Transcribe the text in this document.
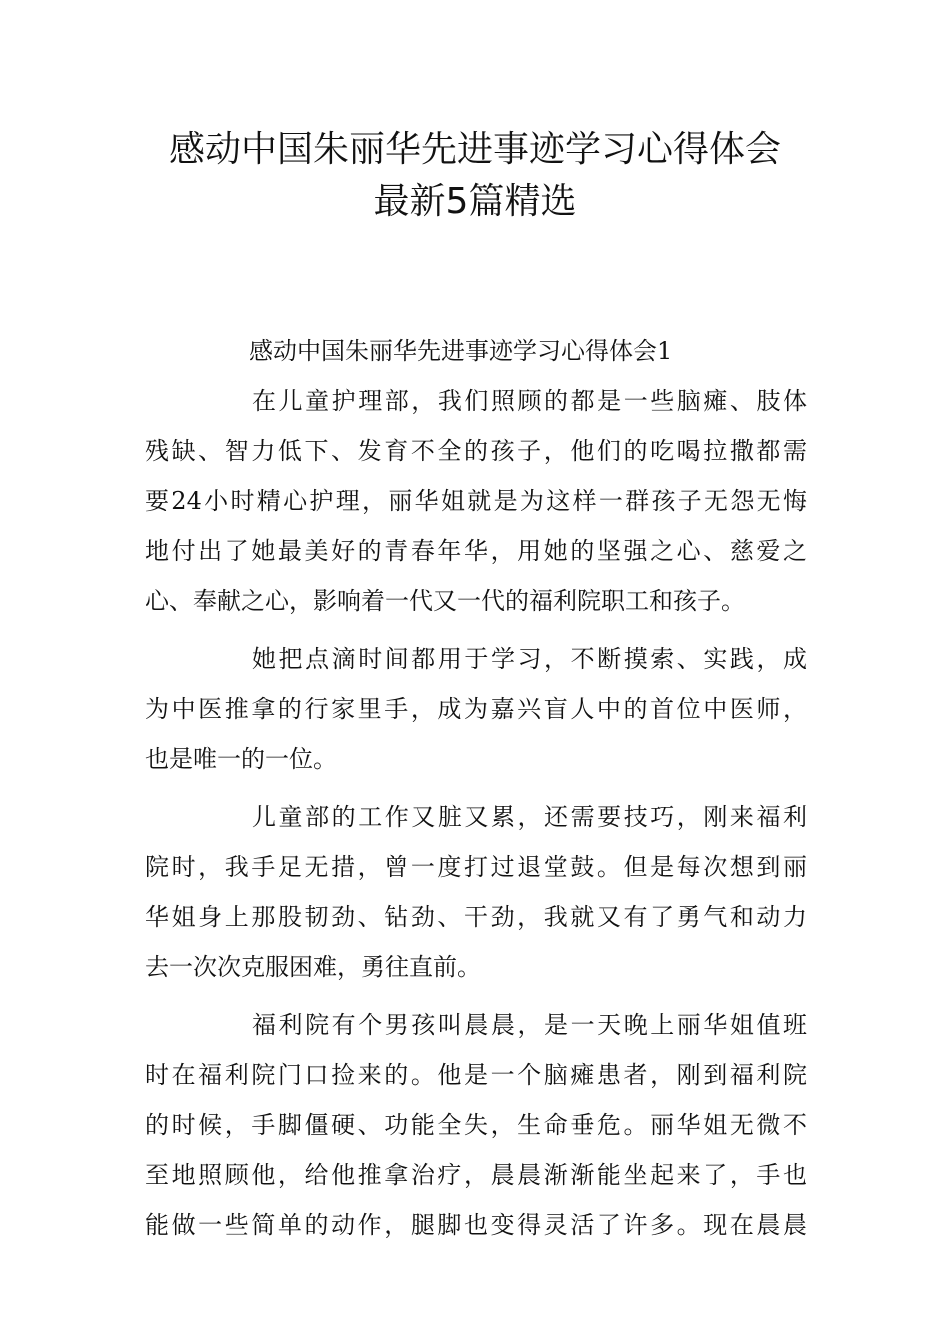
感动中国朱丽华先进事迹学习心得体会
最新5篇精选

感动中国朱丽华先进事迹学习心得体会1

在儿童护理部，我们照顾的都是一些脑瘫、肢体
残缺、智力低下、发育不全的孩子，他们的吃喝拉撒都需
要24小时精心护理，丽华姐就是为这样一群孩子无怨无悔
地付出了她最美好的青春年华，用她的坚强之心、慈爱之
心、奉献之心，影响着一代又一代的福利院职工和孩子。

她把点滴时间都用于学习，不断摸索、实践，成
为中医推拿的行家里手，成为嘉兴盲人中的首位中医师，
也是唯一的一位。

儿童部的工作又脏又累，还需要技巧，刚来福利
院时，我手足无措，曾一度打过退堂鼓。但是每次想到丽
华姐身上那股韧劲、钻劲、干劲，我就又有了勇气和动力
去一次次克服困难，勇往直前。

福利院有个男孩叫晨晨，是一天晚上丽华姐值班
时在福利院门口捡来的。他是一个脑瘫患者，刚到福利院
的时候，手脚僵硬、功能全失，生命垂危。丽华姐无微不
至地照顾他，给他推拿治疗，晨晨渐渐能坐起来了，手也
能做一些简单的动作，腿脚也变得灵活了许多。现在晨晨
